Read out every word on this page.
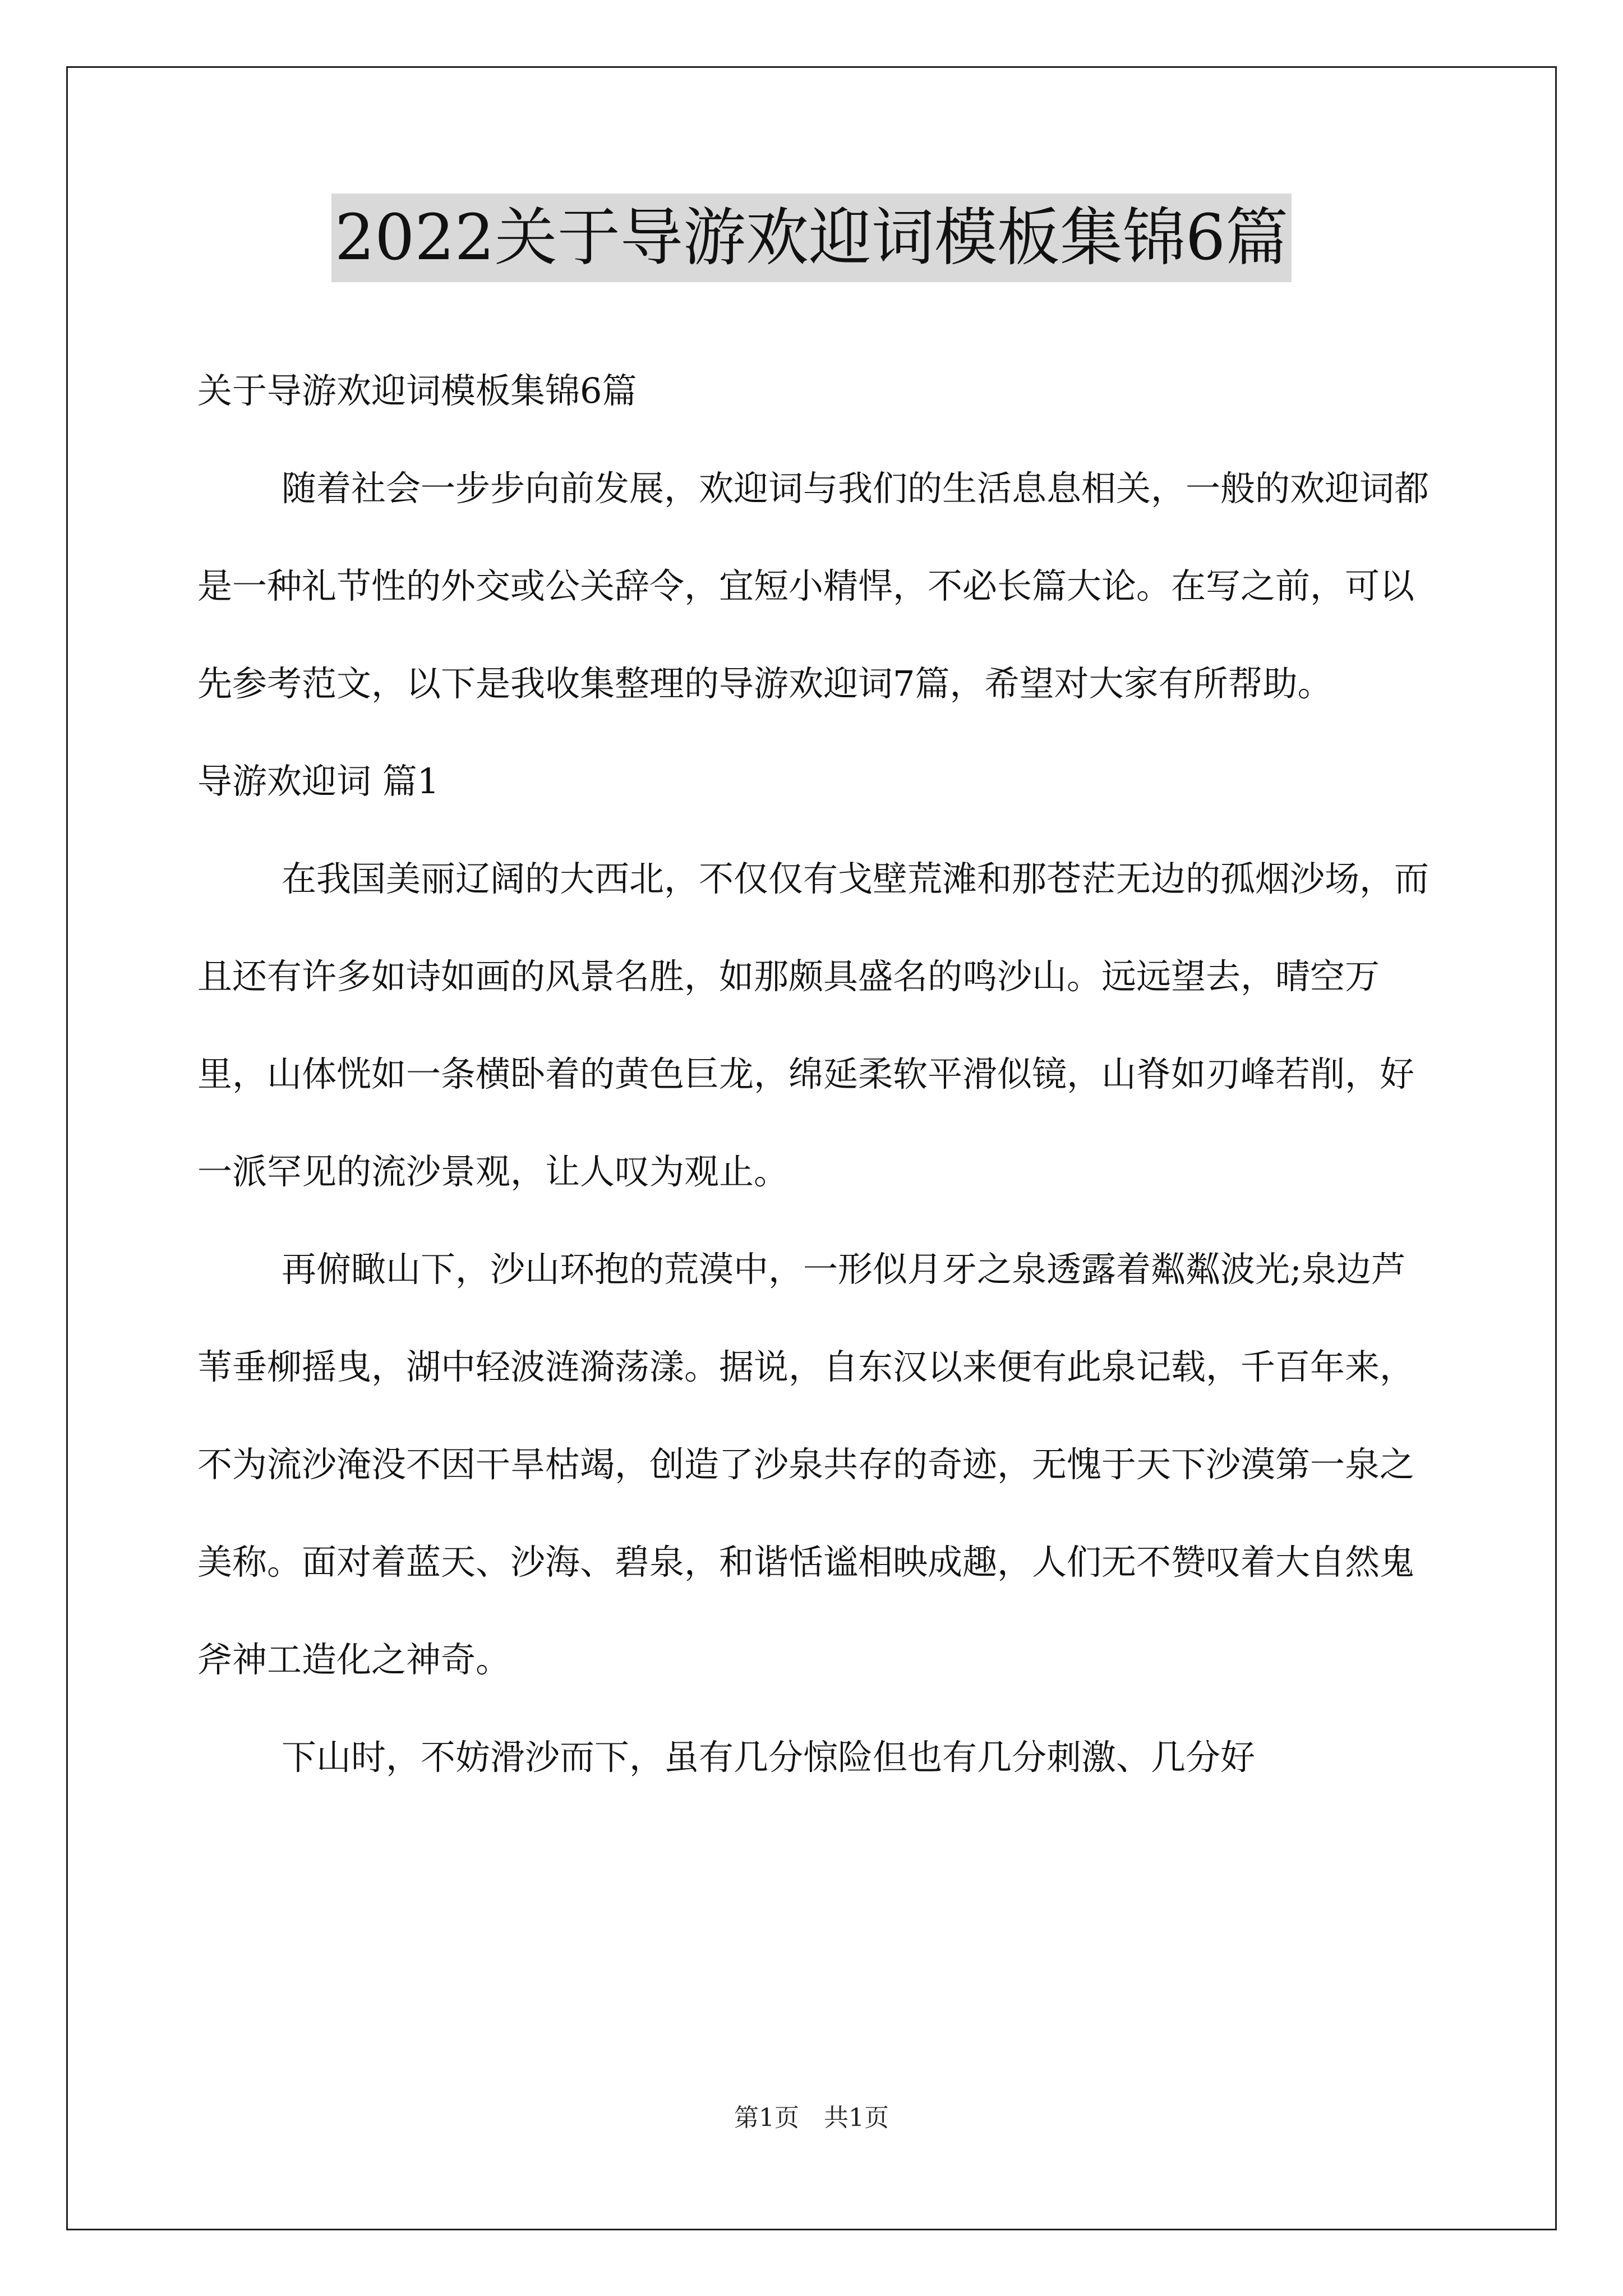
2022关于导游欢迎词模板集锦6篇

关于导游欢迎词模板集锦6篇

随着社会一步步向前发展，欢迎词与我们的生活息息相关，一般的欢迎词都是一种礼节性的外交或公关辞令，宜短小精悍，不必长篇大论。在写之前，可以先参考范文，以下是我收集整理的导游欢迎词7篇，希望对大家有所帮助。

导游欢迎词 篇1

在我国美丽辽阔的大西北，不仅仅有戈壁荒滩和那苍茫无边的孤烟沙场，而且还有许多如诗如画的风景名胜，如那颇具盛名的鸣沙山。远远望去，晴空万里，山体恍如一条横卧着的黄色巨龙，绵延柔软平滑似镜，山脊如刃峰若削，好一派罕见的流沙景观，让人叹为观止。

再俯瞰山下，沙山环抱的荒漠中，一形似月牙之泉透露着粼粼波光;泉边芦苇垂柳摇曳，湖中轻波涟漪荡漾。据说，自东汉以来便有此泉记载，千百年来，不为流沙淹没不因干旱枯竭，创造了沙泉共存的奇迹，无愧于天下沙漠第一泉之美称。面对着蓝天、沙海、碧泉，和谐恬谧相映成趣，人们无不赞叹着大自然鬼斧神工造化之神奇。

下山时，不妨滑沙而下，虽有几分惊险但也有几分刺激、几分好

第1页　共1页
